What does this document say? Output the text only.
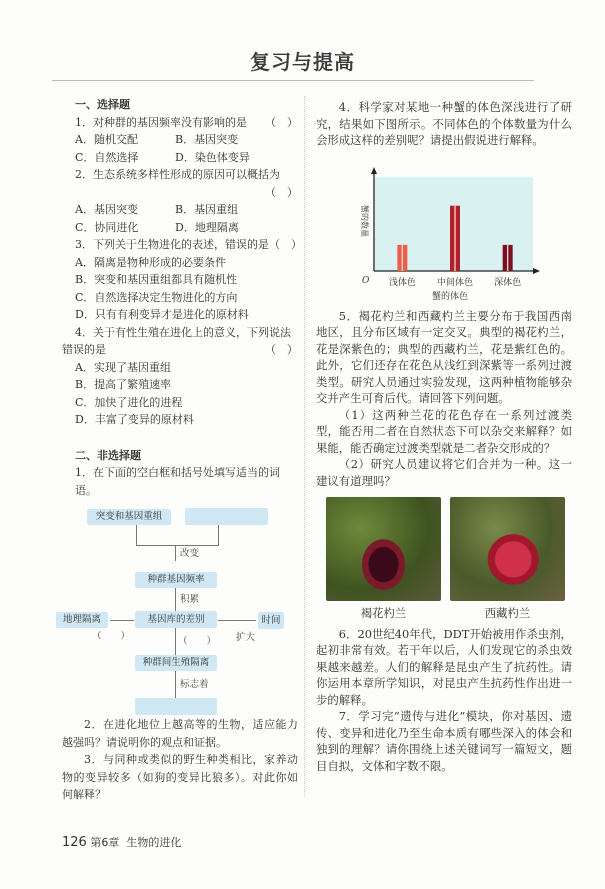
复习与提高
一、选择题
1．对种群的基因频率没有影响的是 （　）
A．随机交配	B．基因突变
C．自然选择	D．染色体变异
2．生态系统多样性形成的原因可以概括为
（　）
A．基因突变	B．基因重组
C．协同进化	D．地理隔离
3．下列关于生物进化的表述，错误的是（　）
A．隔离是物种形成的必要条件
B．突变和基因重组都具有随机性
C．自然选择决定生物进化的方向
D．只有有利变异才是进化的原材料
4．关于有性生殖在进化上的意义，下列说法
错误的是	（　）
A．实现了基因重组
B．提高了繁殖速率
C．加快了进化的进程
D．丰富了变异的原材料
二、非选择题
1．在下面的空白框和括号处填写适当的词语。
突变和基因重组
改变
种群基因频率
积累
基因库的差别
地理隔离
（　　）
时间
扩大
（　　）
种群间生殖隔离
标志着
2．在进化地位上越高等的生物，适应能力越强吗？请说明你的观点和证据。
3．与同种或类似的野生种类相比，家养动物的变异较多（如狗的变异比狼多）。对此你如何解释？
126 第6章 生物的进化
4．科学家对某地一种蟹的体色深浅进行了研究，结果如下图所示。不同体色的个体数量为什么会形成这样的差别呢？请提出假说进行解释。
O
蟹的数量
蟹的体色
浅体色 中间体色 深体色
5．褐花杓兰和西藏杓兰主要分布于我国西南地区，且分布区域有一定交叉。典型的褐花杓兰，花是深紫色的；典型的西藏杓兰，花是紫红色的。此外，它们还存在花色从浅红到深紫等一系列过渡类型。研究人员通过实验发现，这两种植物能够杂交并产生可育后代。请回答下列问题。
（1）这两种兰花的花色存在一系列过渡类型，能否用二者在自然状态下可以杂交来解释？如果能，能否确定过渡类型就是二者杂交形成的？
（2）研究人员建议将它们合并为一种。这一建议有道理吗？
褐花杓兰	西藏杓兰
6．20世纪40年代，DDT开始被用作杀虫剂，起初非常有效。若干年以后，人们发现它的杀虫效果越来越差。人们的解释是昆虫产生了抗药性。请你运用本章所学知识，对昆虫产生抗药性作出进一步的解释。
7．学习完“遗传与进化”模块，你对基因、遗传、变异和进化乃至生命本质有哪些深入的体会和独到的理解？请你围绕上述关键词写一篇短文，题目自拟，文体和字数不限。
